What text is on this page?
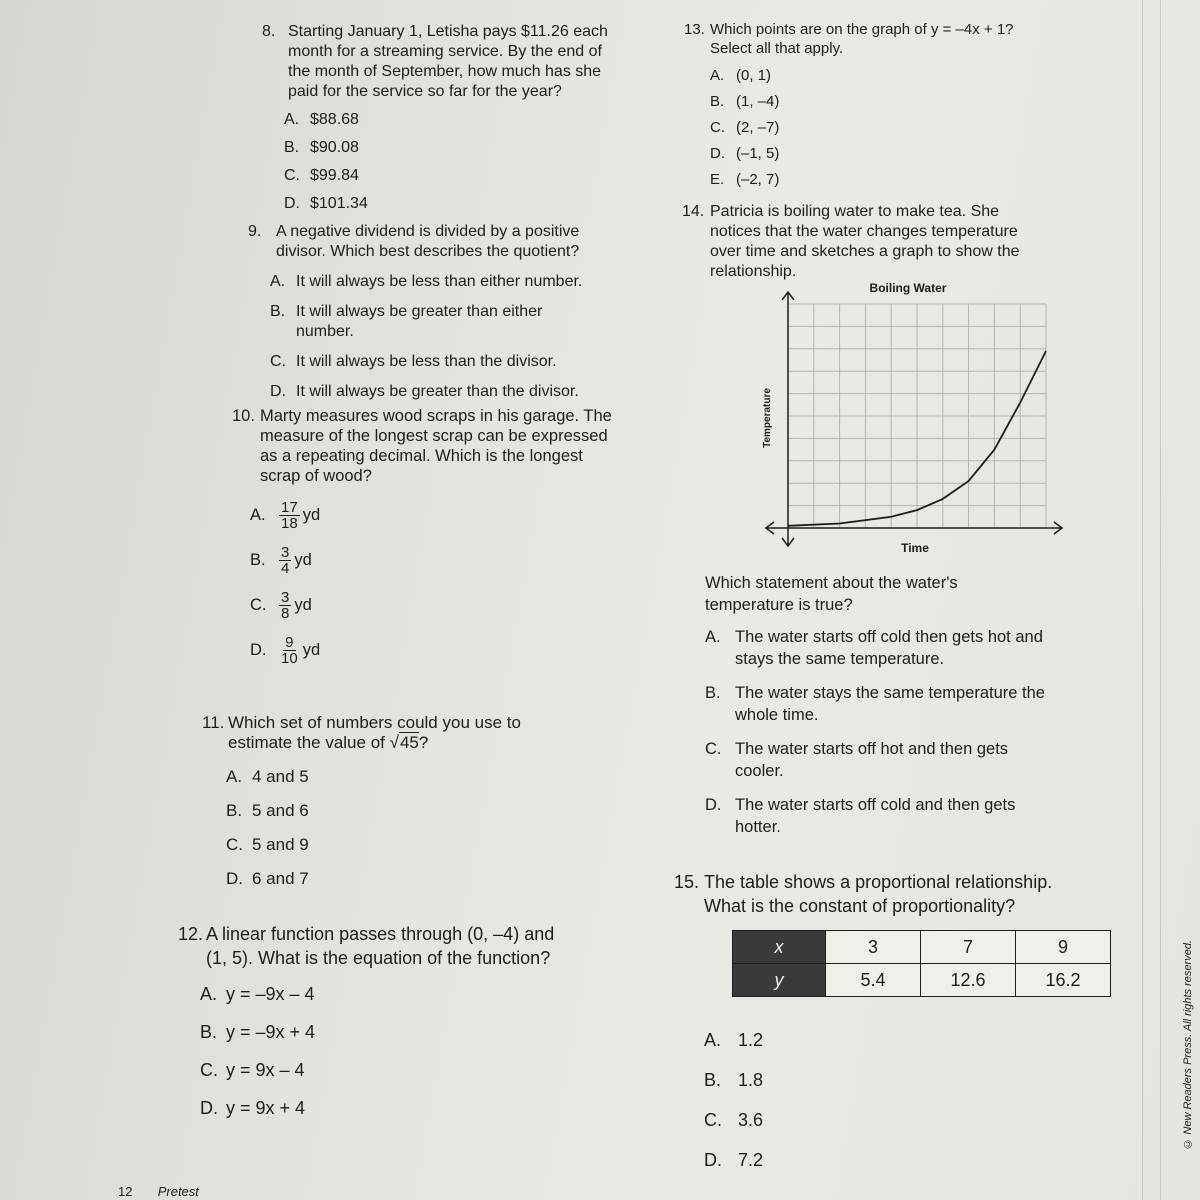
8. Starting January 1, Letisha pays $11.26 each
month for a streaming service. By the end of
the month of September, how much has she
paid for the service so far for the year?
A. $88.68
B. $90.08
C. $99.84
D. $101.34
9. A negative dividend is divided by a positive
divisor. Which best describes the quotient?
A. It will always be less than either number.
B. It will always be greater than either
number.
C. It will always be less than the divisor.
D. It will always be greater than the divisor.
10. Marty measures wood scraps in his garage. The
measure of the longest scrap can be expressed
as a repeating decimal. Which is the longest
scrap of wood?
A. $\frac{17}{18}$ yd
B. $\frac{3}{4}$ yd
C. $\frac{3}{8}$ yd
D. $\frac{9}{10}$ yd
11. Which set of numbers could you use to
estimate the value of √45?
A. 4 and 5
B. 5 and 6
C. 5 and 9
D. 6 and 7
12. A linear function passes through (0, –4) and
(1, 5). What is the equation of the function?
A. y = –9x – 4
B. y = –9x + 4
C. y = 9x – 4
D. y = 9x + 4
13. Which points are on the graph of y = –4x + 1?
Select all that apply.
A. (0, 1)
B. (1, –4)
C. (2, –7)
D. (–1, 5)
E. (–2, 7)
14. Patricia is boiling water to make tea. She
notices that the water changes temperature
over time and sketches a graph to show the
relationship.
Boiling Water
Time
Temperature
Which statement about the water's
temperature is true?
A. The water starts off cold then gets hot and
stays the same temperature.
B. The water stays the same temperature the
whole time.
C. The water starts off hot and then gets
cooler.
D. The water starts off cold and then gets
hotter.
15. The table shows a proportional relationship.
What is the constant of proportionality?
x	3	7	9
y	5.4	12.6	16.2
A. 1.2
B. 1.8
C. 3.6
D. 7.2
12 Pretest
© New Readers Press. All rights reserved.
